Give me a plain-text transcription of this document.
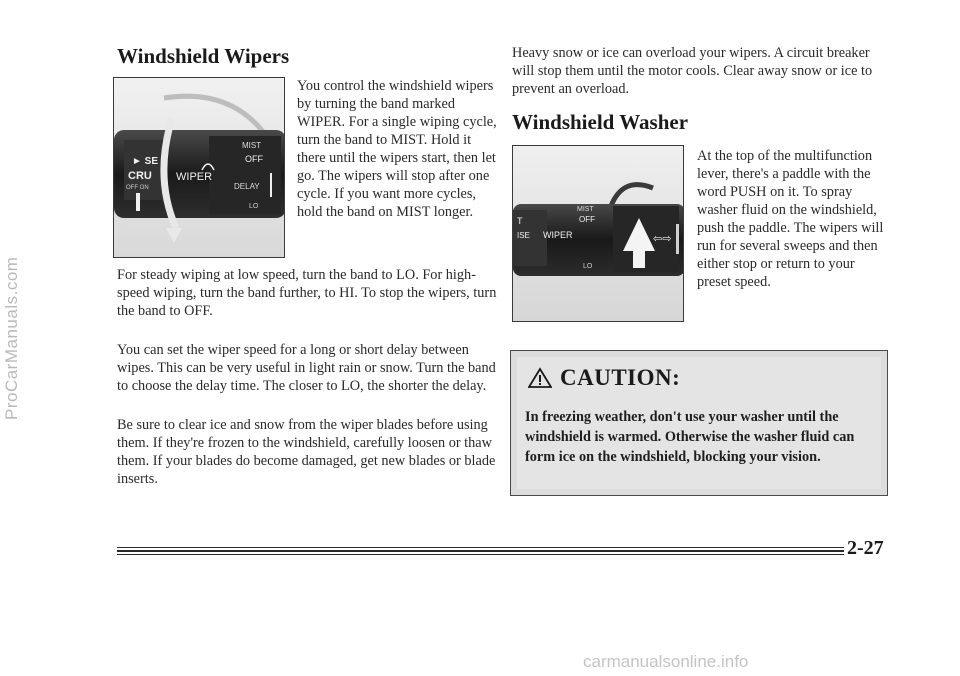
ProCarManuals.com
carmanualsonline.info
Windshield Wipers
► SE
CRU
OFF ON
WIPER
MIST
OFF
DELAY
LO

You control the windshield wipers by turning the band marked WIPER. For a single wiping cycle, turn the band to MIST. Hold it there until the wipers start, then let go. The wipers will stop after one cycle. If you want more cycles, hold the band on MIST longer.

For steady wiping at low speed, turn the band to LO. For high-speed wiping, turn the band further, to HI. To stop the wipers, turn the band to OFF.

You can set the wiper speed for a long or short delay between wipes. This can be very useful in light rain or snow. Turn the band to choose the delay time. The closer to LO, the shorter the delay.

Be sure to clear ice and snow from the wiper blades before using them. If they're frozen to the windshield, carefully loosen or thaw them. If your blades do become damaged, get new blades or blade inserts.

Heavy snow or ice can overload your wipers. A circuit breaker will stop them until the motor cools. Clear away snow or ice to prevent an overload.

Windshield Washer
T
ISE WIPER
MIST
OFF
LO
⇦⇨

At the top of the multifunction lever, there's a paddle with the word PUSH on it. To spray washer fluid on the windshield, push the paddle. The wipers will run for several sweeps and then either stop or return to your preset speed.

CAUTION:

In freezing weather, don't use your washer until the windshield is warmed. Otherwise the washer fluid can form ice on the windshield, blocking your vision.

2-27
